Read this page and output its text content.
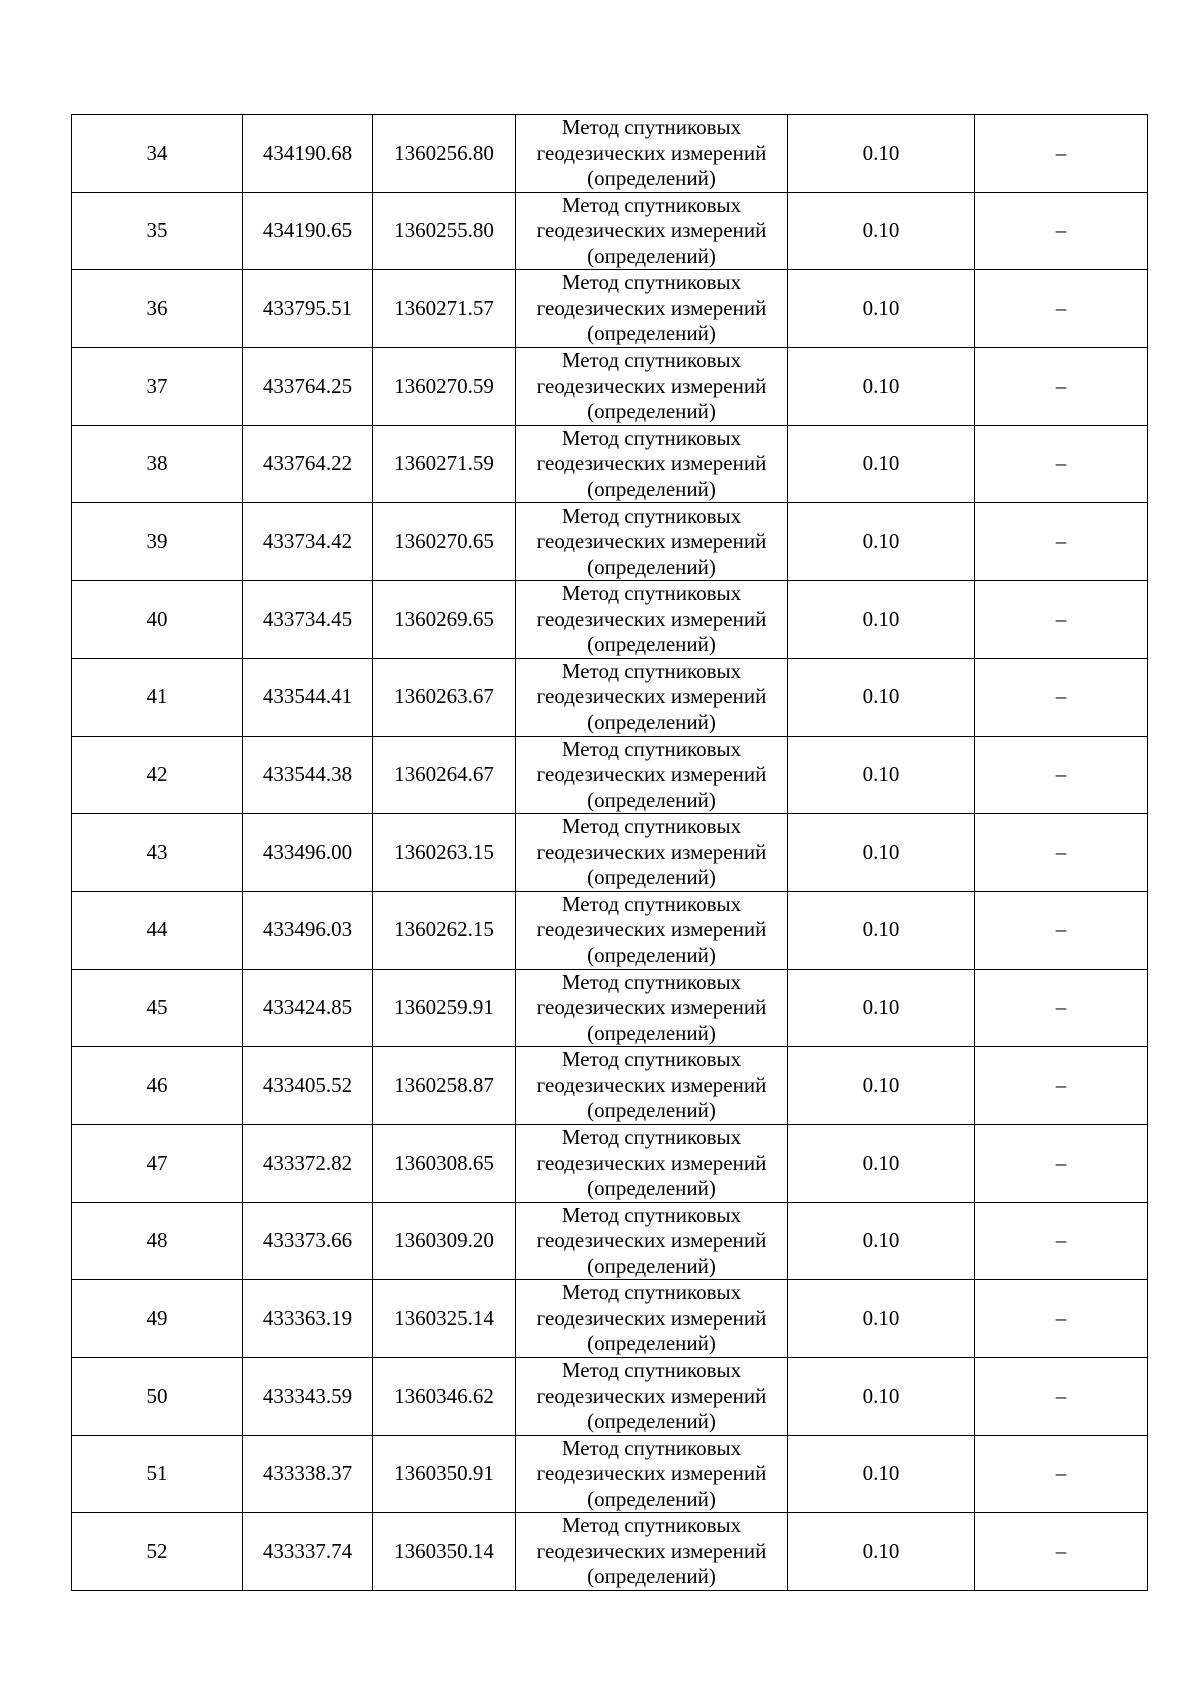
34	434190.68	1360256.80	Метод спутниковых
геодезических измерений
(определений)	0.10	–
35	434190.65	1360255.80	Метод спутниковых
геодезических измерений
(определений)	0.10	–
36	433795.51	1360271.57	Метод спутниковых
геодезических измерений
(определений)	0.10	–
37	433764.25	1360270.59	Метод спутниковых
геодезических измерений
(определений)	0.10	–
38	433764.22	1360271.59	Метод спутниковых
геодезических измерений
(определений)	0.10	–
39	433734.42	1360270.65	Метод спутниковых
геодезических измерений
(определений)	0.10	–
40	433734.45	1360269.65	Метод спутниковых
геодезических измерений
(определений)	0.10	–
41	433544.41	1360263.67	Метод спутниковых
геодезических измерений
(определений)	0.10	–
42	433544.38	1360264.67	Метод спутниковых
геодезических измерений
(определений)	0.10	–
43	433496.00	1360263.15	Метод спутниковых
геодезических измерений
(определений)	0.10	–
44	433496.03	1360262.15	Метод спутниковых
геодезических измерений
(определений)	0.10	–
45	433424.85	1360259.91	Метод спутниковых
геодезических измерений
(определений)	0.10	–
46	433405.52	1360258.87	Метод спутниковых
геодезических измерений
(определений)	0.10	–
47	433372.82	1360308.65	Метод спутниковых
геодезических измерений
(определений)	0.10	–
48	433373.66	1360309.20	Метод спутниковых
геодезических измерений
(определений)	0.10	–
49	433363.19	1360325.14	Метод спутниковых
геодезических измерений
(определений)	0.10	–
50	433343.59	1360346.62	Метод спутниковых
геодезических измерений
(определений)	0.10	–
51	433338.37	1360350.91	Метод спутниковых
геодезических измерений
(определений)	0.10	–
52	433337.74	1360350.14	Метод спутниковых
геодезических измерений
(определений)	0.10	–
